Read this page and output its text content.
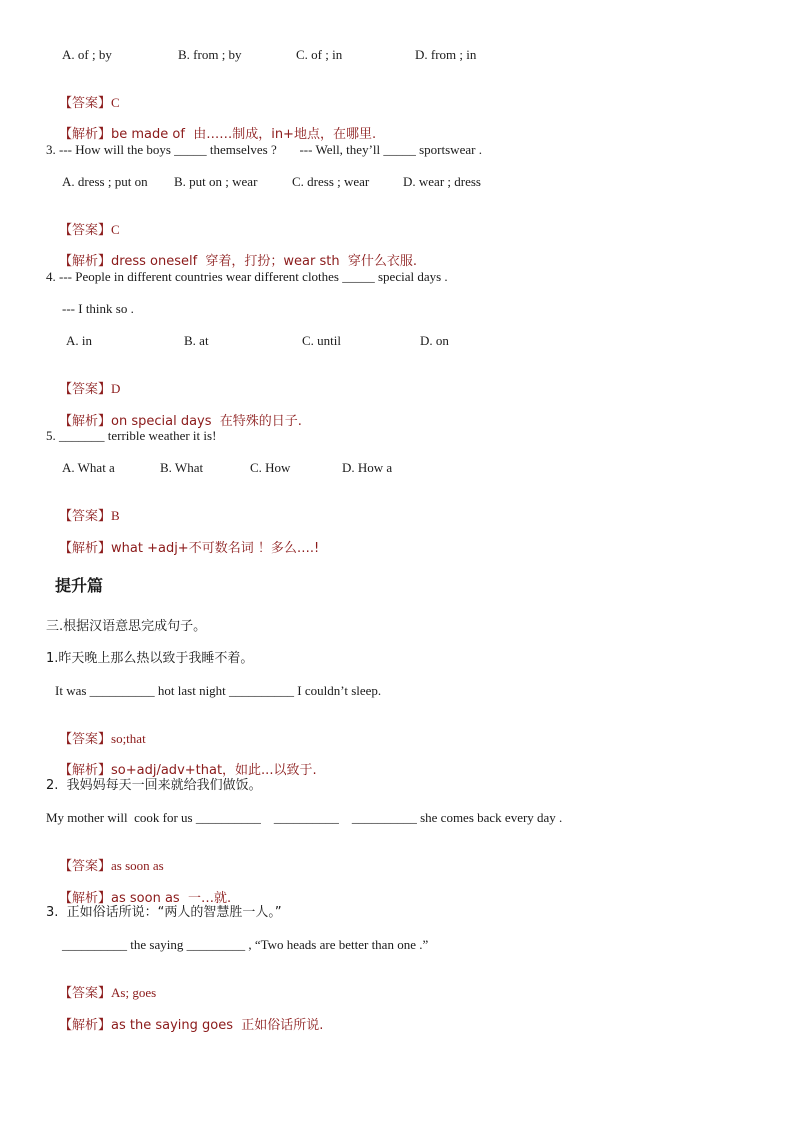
A. of ; by	B. from ; by	C. of ; in	D. from ; in

【答案】C

【解析】be made of  由……制成，in+地点，在哪里.

3. --- How will the boys _____ themselves ?       --- Well, they’ll _____ sportswear .
A. dress ; put on B. put on ; wear	C. dress ; wear	D. wear ; dress

【答案】C

【解析】dress oneself  穿着，打扮；wear sth  穿什么衣服.

4. --- People in different countries wear different clothes _____ special days .
--- I think so .
A. in	B. at	C. until	D. on

【答案】D

【解析】on special days  在特殊的日子.

5. _______ terrible weather it is!
A. What a	B. What	C. How	D. How a

【答案】B

【解析】what +adj+不可数名词 ！多么….!

提升篇
三.根据汉语意思完成句子。
1.昨天晚上那么热以致于我睡不着。
It was __________ hot last night __________ I couldn’t sleep.

【答案】so;that

【解析】so+adj/adv+that，如此...以致于.

2.  我妈妈每天一回来就给我们做饭。
My mother will  cook for us __________    __________    __________ she comes back every day .

【答案】as soon as

【解析】as soon as  一…就.

3.  正如俗话所说：“两人的智慧胜一人。”
__________ the saying _________ , “Two heads are better than one .”

【答案】As; goes

【解析】as the saying goes  正如俗话所说.
